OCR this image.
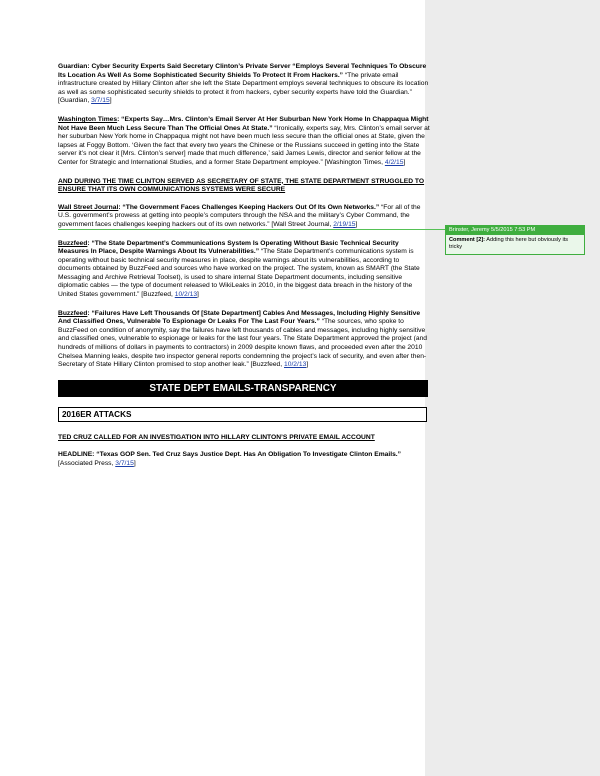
Guardian: Cyber Security Experts Said Secretary Clinton’s Private Server “Employs Several Techniques To Obscure Its Location As Well As Some Sophisticated Security Shields To Protect It From Hackers.” “The private email infrastructure created by Hillary Clinton after she left the State Department employs several techniques to obscure its location as well as some sophisticated security shields to protect it from hackers, cyber security experts have told the Guardian.” [Guardian, 3/7/15]

Washington Times: “Experts Say…Mrs. Clinton’s Email Server At Her Suburban New York Home In Chappaqua Might Not Have Been Much Less Secure Than The Official Ones At State.” “Ironically, experts say, Mrs. Clinton’s email server at her suburban New York home in Chappaqua might not have been much less secure than the official ones at State, given the lapses at Foggy Bottom. ‘Given the fact that every two years the Chinese or the Russians succeed in getting into the State server it’s not clear it [Mrs. Clinton’s server] made that much difference,’ said James Lewis, director and senior fellow at the Center for Strategic and International Studies, and a former State Department employee.” [Washington Times, 4/2/15]

AND DURING THE TIME CLINTON SERVED AS SECRETARY OF STATE, THE STATE DEPARTMENT STRUGGLED TO ENSURE THAT ITS OWN COMMUNICATIONS SYSTEMS WERE SECURE

Wall Street Journal: “The Government Faces Challenges Keeping Hackers Out Of Its Own Networks.” “For all of the U.S. government’s prowess at getting into people’s computers through the NSA and the military’s Cyber Command, the government faces challenges keeping hackers out of its own networks.” [Wall Street Journal, 2/19/15]

Buzzfeed: “The State Department’s Communications System Is Operating Without Basic Technical Security Measures In Place, Despite Warnings About Its Vulnerabilities.” “The State Department’s communications system is operating without basic technical security measures in place, despite warnings about its vulnerabilities, according to documents obtained by BuzzFeed and sources who have worked on the project. The system, known as SMART (the State Messaging and Archive Retrieval Toolset), is used to share internal State Department documents, including sensitive diplomatic cables — the type of document released to WikiLeaks in 2010, in the biggest data breach in the history of the United States government.” [Buzzfeed, 10/2/13]

Buzzfeed: “Failures Have Left Thousands Of [State Department] Cables And Messages, Including Highly Sensitive And Classified Ones, Vulnerable To Espionage Or Leaks For The Last Four Years.” “The sources, who spoke to BuzzFeed on condition of anonymity, say the failures have left thousands of cables and messages, including highly sensitive and classified ones, vulnerable to espionage or leaks for the last four years. The State Department approved the project (and hundreds of millions of dollars in payments to contractors) in 2009 despite known flaws, and proceeded even after the 2010 Chelsea Manning leaks, despite two inspector general reports condemning the project’s lack of security, and even after then-Secretary of State Hillary Clinton promised to stop another leak.” [Buzzfeed, 10/2/13]

STATE DEPT EMAILS-TRANSPARENCY
2016ER ATTACKS

TED CRUZ CALLED FOR AN INVESTIGATION INTO HILLARY CLINTON’S PRIVATE EMAIL ACCOUNT

HEADLINE: “Texas GOP Sen. Ted Cruz Says Justice Dept. Has An Obligation To Investigate Clinton Emails.” [Associated Press, 3/7/15]

Brinster, Jeremy 5/5/2015 7:53 PM
Comment [2]: Adding this here but obviously its tricky
